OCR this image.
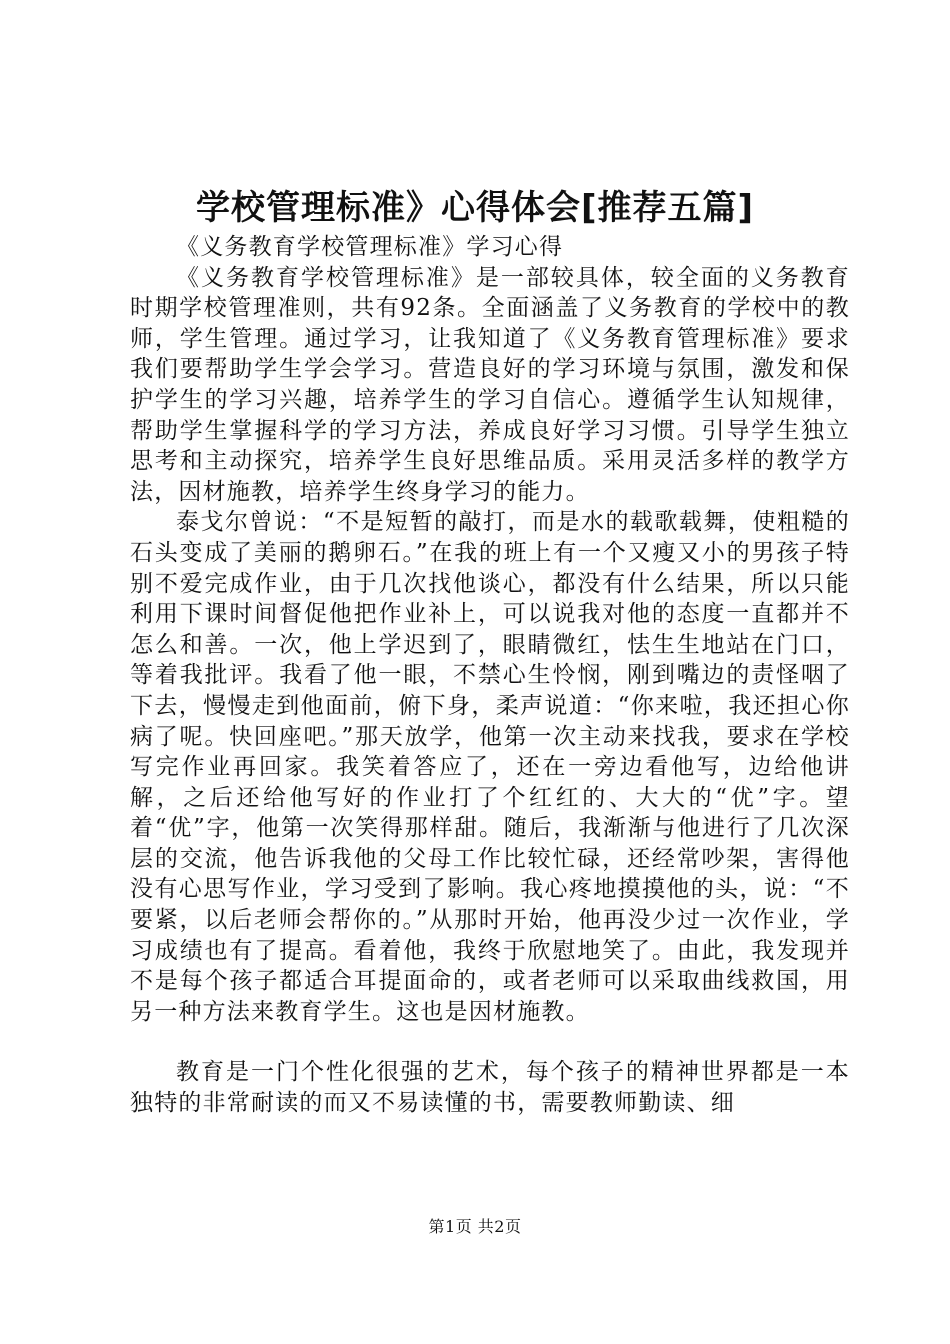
学校管理标准》心得体会[推荐五篇]

《义务教育学校管理标准》学习心得

《义务教育学校管理标准》是一部较具体，较全面的义务教育时期学校管理准则，共有92条。全面涵盖了义务教育的学校中的教师，学生管理。通过学习，让我知道了《义务教育管理标准》要求我们要帮助学生学会学习。营造良好的学习环境与氛围，激发和保护学生的学习兴趣，培养学生的学习自信心。遵循学生认知规律，帮助学生掌握科学的学习方法，养成良好学习习惯。引导学生独立思考和主动探究，培养学生良好思维品质。采用灵活多样的教学方法，因材施教，培养学生终身学习的能力。

泰戈尔曾说：“不是短暂的敲打，而是水的载歌载舞，使粗糙的石头变成了美丽的鹅卵石。”在我的班上有一个又瘦又小的男孩子特别不爱完成作业，由于几次找他谈心，都没有什么结果，所以只能利用下课时间督促他把作业补上，可以说我对他的态度一直都并不怎么和善。一次，他上学迟到了，眼睛微红，怯生生地站在门口，等着我批评。我看了他一眼，不禁心生怜悯，刚到嘴边的责怪咽了下去，慢慢走到他面前，俯下身，柔声说道：“你来啦，我还担心你病了呢。快回座吧。”那天放学，他第一次主动来找我，要求在学校写完作业再回家。我笑着答应了，还在一旁边看他写，边给他讲解，之后还给他写好的作业打了个红红的、大大的“优”字。望着“优”字，他第一次笑得那样甜。随后，我渐渐与他进行了几次深层的交流，他告诉我他的父母工作比较忙碌，还经常吵架，害得他没有心思写作业，学习受到了影响。我心疼地摸摸他的头，说：“不要紧，以后老师会帮你的。”从那时开始，他再没少过一次作业，学习成绩也有了提高。看着他，我终于欣慰地笑了。由此，我发现并不是每个孩子都适合耳提面命的，或者老师可以采取曲线救国，用另一种方法来教育学生。这也是因材施教。

教育是一门个性化很强的艺术，每个孩子的精神世界都是一本独特的非常耐读的而又不易读懂的书，需要教师勤读、细

第1页 共2页
